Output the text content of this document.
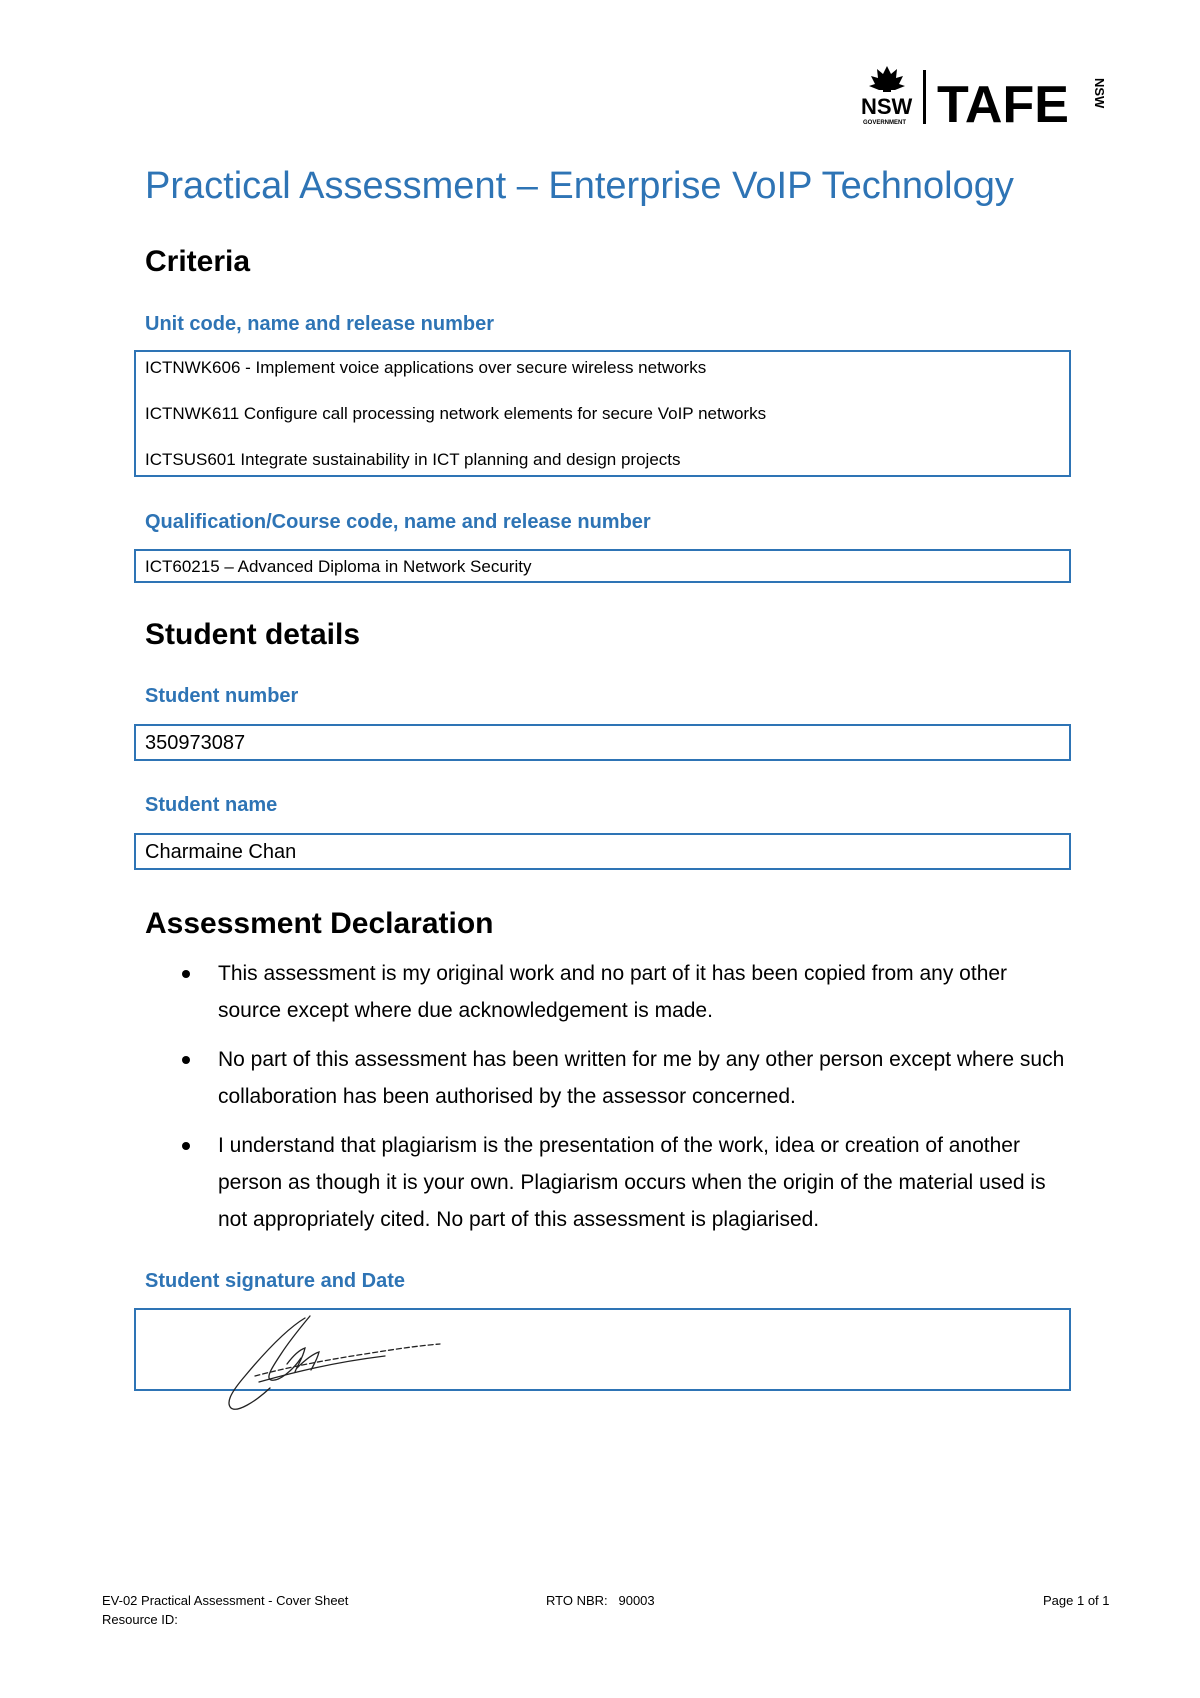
NSW
GOVERNMENT TAFE NSW
Practical Assessment – Enterprise VoIP Technology
Criteria
Unit code, name and release number
ICTNWK606 - Implement voice applications over secure wireless networks
ICTNWK611 Configure call processing network elements for secure VoIP networks
ICTSUS601 Integrate sustainability in ICT planning and design projects
Qualification/Course code, name and release number
ICT60215 – Advanced Diploma in Network Security
Student details
Student number
350973087
Student name
Charmaine Chan
Assessment Declaration
This assessment is my original work and no part of it has been copied from any other source except where due acknowledgement is made.
No part of this assessment has been written for me by any other person except where such collaboration has been authorised by the assessor concerned.
I understand that plagiarism is the presentation of the work, idea or creation of another person as though it is your own. Plagiarism occurs when the origin of the material used is not appropriately cited. No part of this assessment is plagiarised.
Student signature and Date
EV-02 Practical Assessment - Cover Sheet
Resource ID:
RTO NBR:   90003	Page 1 of 1
